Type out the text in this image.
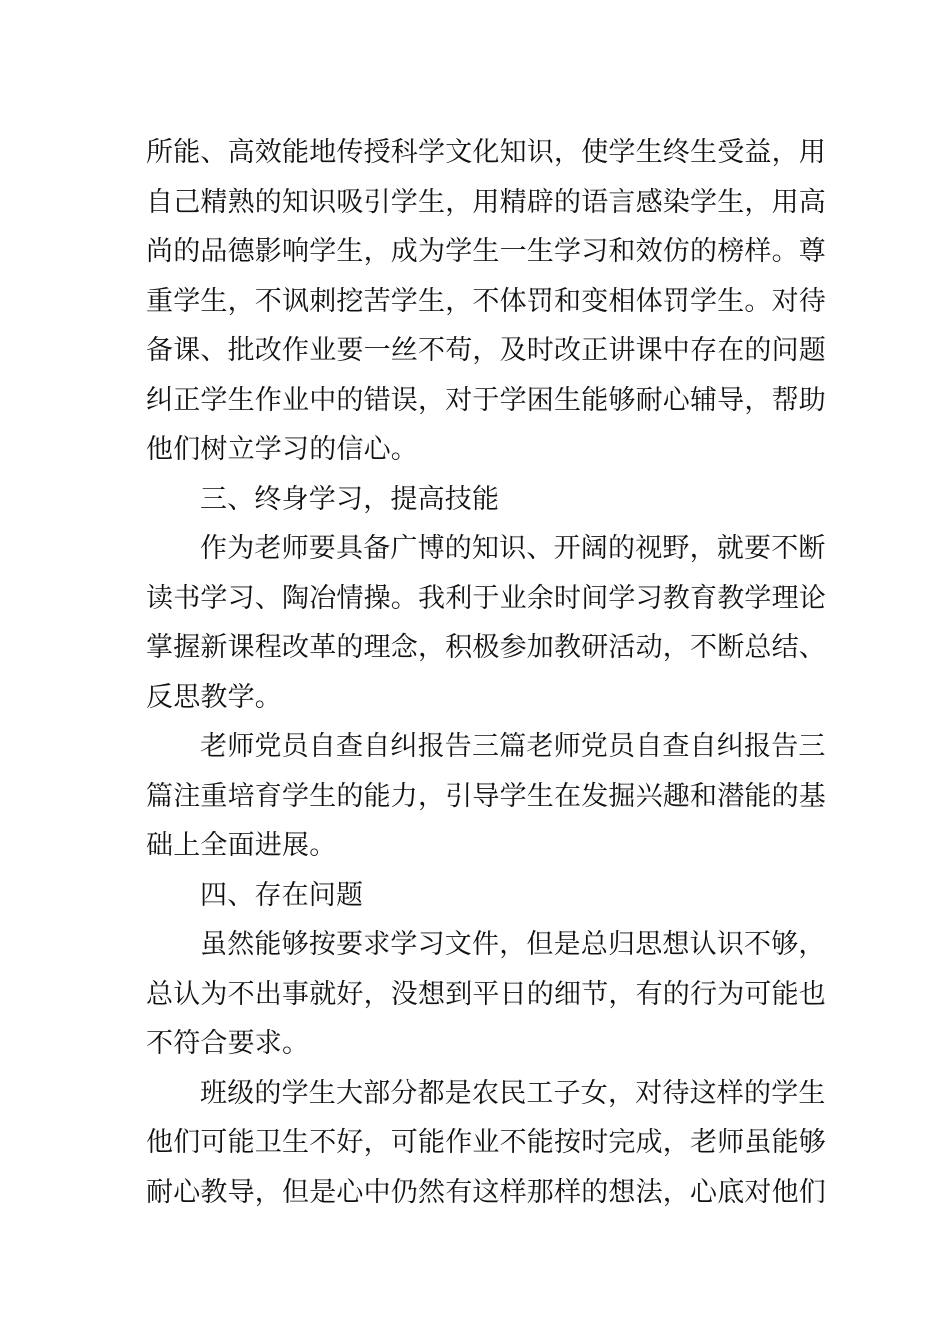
所能、高效能地传授科学文化知识，使学生终生受益，用
自己精熟的知识吸引学生，用精辟的语言感染学生，用高
尚的品德影响学生，成为学生一生学习和效仿的榜样。尊
重学生，不讽刺挖苦学生，不体罚和变相体罚学生。对待
备课、批改作业要一丝不苟，及时改正讲课中存在的问题
纠正学生作业中的错误，对于学困生能够耐心辅导，帮助
他们树立学习的信心。
三、终身学习，提高技能
作为老师要具备广博的知识、开阔的视野，就要不断
读书学习、陶冶情操。我利于业余时间学习教育教学理论
掌握新课程改革的理念，积极参加教研活动，不断总结、
反思教学。
老师党员自查自纠报告三篇老师党员自查自纠报告三
篇注重培育学生的能力，引导学生在发掘兴趣和潜能的基
础上全面进展。
四、存在问题
虽然能够按要求学习文件，但是总归思想认识不够，
总认为不出事就好，没想到平日的细节，有的行为可能也
不符合要求。
班级的学生大部分都是农民工子女，对待这样的学生
他们可能卫生不好，可能作业不能按时完成，老师虽能够
耐心教导，但是心中仍然有这样那样的想法，心底对他们
